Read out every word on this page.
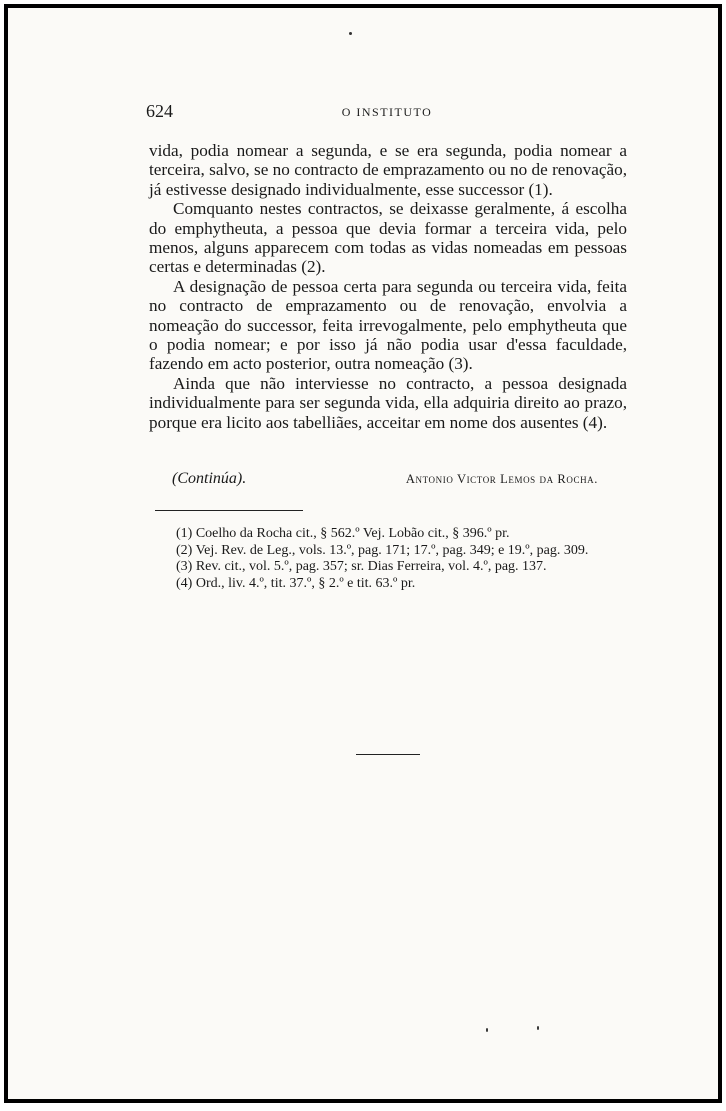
624	O INSTITUTO

vida, podia nomear a segunda, e se era segunda, podia nomear a terceira, salvo, se no contracto de emprazamento ou no de renovação, já estivesse designado individualmente, esse successor (1).

Comquanto nestes contractos, se deixasse geralmente, á escolha do emphytheuta, a pessoa que devia formar a terceira vida, pelo menos, alguns apparecem com todas as vidas nomeadas em pessoas certas e determinadas (2).

A designação de pessoa certa para segunda ou terceira vida, feita no contracto de emprazamento ou de renovação, envolvia a nomeação do successor, feita irrevogalmente, pelo emphytheuta que o podia nomear; e por isso já não podia usar d'essa faculdade, fazendo em acto posterior, outra nomeação (3).

Ainda que não interviesse no contracto, a pessoa designada individualmente para ser segunda vida, ella adquiria direito ao prazo, porque era licito aos tabelliães, acceitar em nome dos ausentes (4).

(Continúa).	Antonio Victor Lemos da Rocha.

(1) Coelho da Rocha cit., § 562.º Vej. Lobão cit., § 396.º pr.

(2) Vej. Rev. de Leg., vols. 13.º, pag. 171; 17.º, pag. 349; e 19.º, pag. 309.

(3) Rev. cit., vol. 5.º, pag. 357; sr. Dias Ferreira, vol. 4.º, pag. 137.

(4) Ord., liv. 4.º, tit. 37.º, § 2.º e tit. 63.º pr.
